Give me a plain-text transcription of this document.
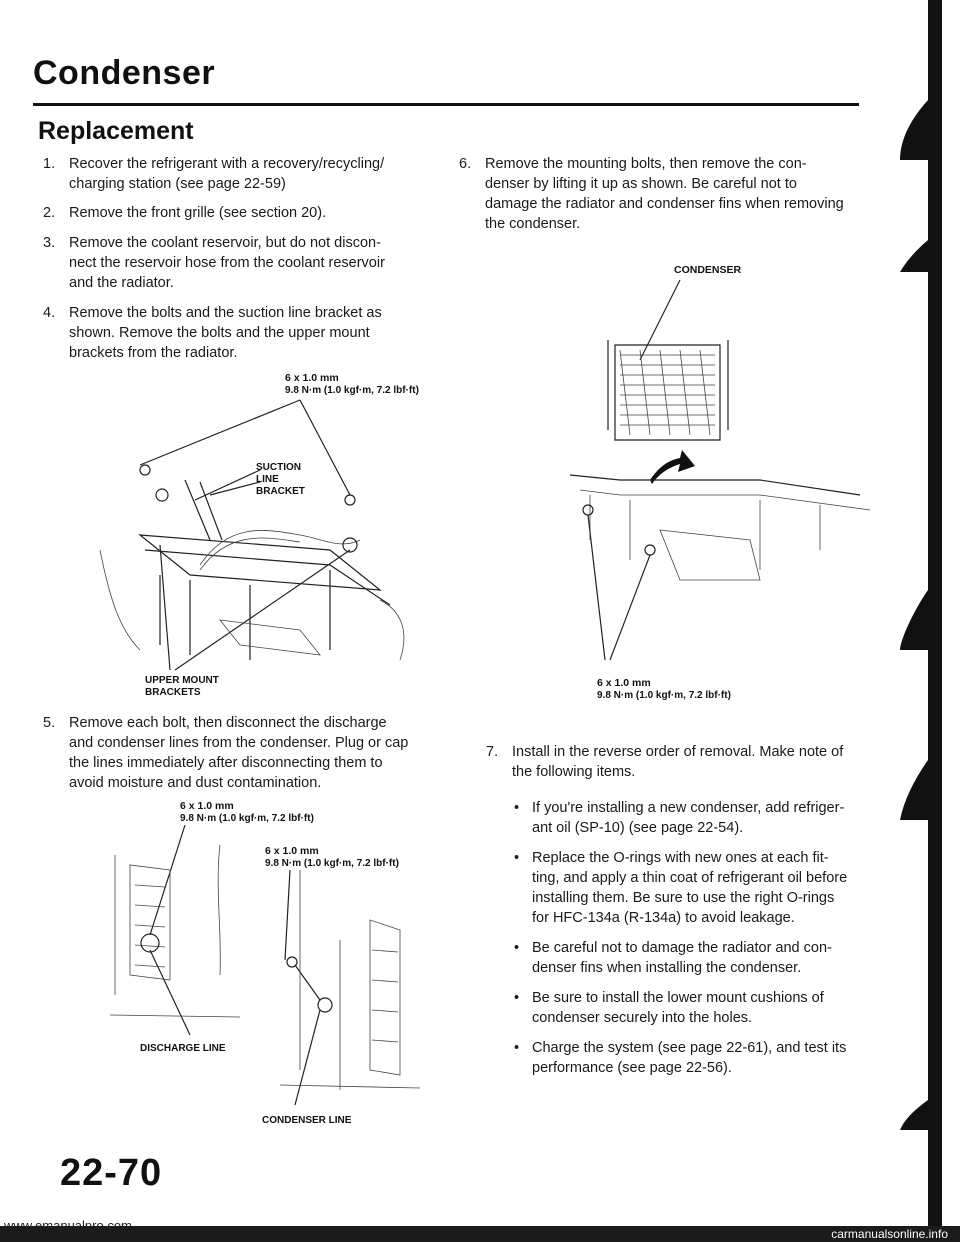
Condenser
Replacement
1. Recover the refrigerant with a recovery/recycling/ charging station (see page 22-59)
2. Remove the front grille (see section 20).
3. Remove the coolant reservoir, but do not discon- nect the reservoir hose from the coolant reservoir and the radiator.
4. Remove the bolts and the suction line bracket as shown. Remove the bolts and the upper mount brackets from the radiator.
6 x 1.0 mm
9.8 N·m (1.0 kgf·m, 7.2 lbf·ft)
SUCTION
LINE
BRACKET
UPPER MOUNT
BRACKETS
5. Remove each bolt, then disconnect the discharge and condenser lines from the condenser. Plug or cap the lines immediately after disconnecting them to avoid moisture and dust contamination.
6 x 1.0 mm
9.8 N·m (1.0 kgf·m, 7.2 lbf·ft)
6 x 1.0 mm
9.8 N·m (1.0 kgf·m, 7.2 lbf·ft)
DISCHARGE LINE
CONDENSER LINE
6. Remove the mounting bolts, then remove the con- denser by lifting it up as shown. Be careful not to damage the radiator and condenser fins when removing the condenser.
CONDENSER
6 x 1.0 mm
9.8 N·m (1.0 kgf·m, 7.2 lbf·ft)
7. Install in the reverse order of removal. Make note of the following items.
• If you're installing a new condenser, add refriger- ant oil (SP-10) (see page 22-54).
• Replace the O-rings with new ones at each fit- ting, and apply a thin coat of refrigerant oil before installing them. Be sure to use the right O-rings for HFC-134a (R-134a) to avoid leakage.
• Be careful not to damage the radiator and con- denser fins when installing the condenser.
• Be sure to install the lower mount cushions of condenser securely into the holes.
• Charge the system (see page 22-61), and test its performance (see page 22-56).
22-70
carmanualsonline.info
